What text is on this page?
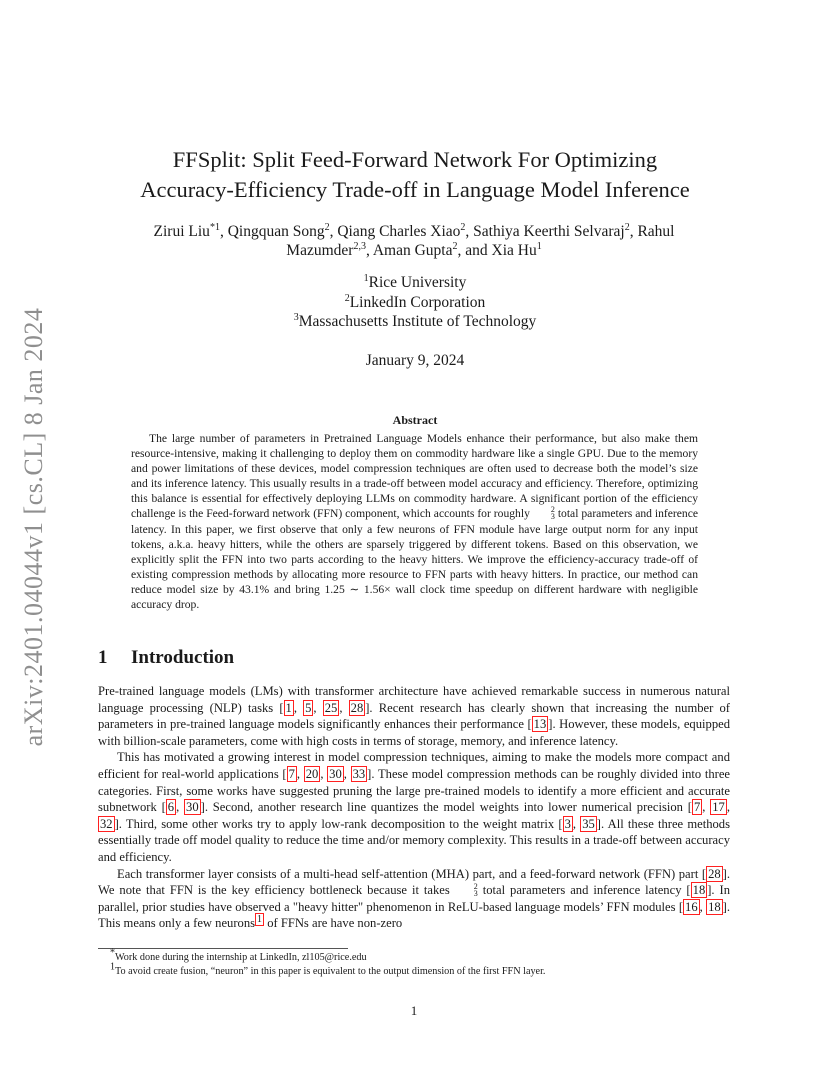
arXiv:2401.04044v1 [cs.CL] 8 Jan 2024
FFSplit: Split Feed-Forward Network For Optimizing
Accuracy-Efficiency Trade-off in Language Model Inference
Zirui Liu$^{*1}$, Qingquan Song$^2$, Qiang Charles Xiao$^2$, Sathiya Keerthi Selvaraj$^2$, Rahul Mazumder$^{2,3}$, Aman Gupta$^2$, and Xia Hu$^1$
$^1$Rice University
$^2$LinkedIn Corporation
$^3$Massachusetts Institute of Technology
January 9, 2024
Abstract

The large number of parameters in Pretrained Language Models enhance their performance, but also make them resource-intensive, making it challenging to deploy them on commodity hardware like a single GPU. Due to the memory and power limitations of these devices, model compression techniques are often used to decrease both the model’s size and its inference latency. This usually results in a trade-off between model accuracy and efficiency. Therefore, optimizing this balance is essential for effectively deploying LLMs on commodity hardware. A significant portion of the efficiency challenge is the Feed-forward network (FFN) component, which accounts for roughly	2
3 total parameters and inference latency. In this paper, we first observe that only a few neurons of FFN module have large output norm for any input tokens, a.k.a. heavy hitters, while the others are sparsely triggered by different tokens. Based on this observation, we explicitly split the FFN into two parts according to the heavy hitters. We improve the efficiency-accuracy trade-off of existing compression methods by allocating more resource to FFN parts with heavy hitters. In practice, our method can reduce model size by 43.1% and bring 1.25 ∼ 1.56× wall clock time speedup on different hardware with negligible accuracy drop.

1 Introduction

Pre-trained language models (LMs) with transformer architecture have achieved remarkable success in numerous natural language processing (NLP) tasks [ 1 , 5 , 25 , 28 ]. Recent research has clearly shown that increasing the number of parameters in pre-trained language models significantly enhances their performance [ 13 ]. However, these models, equipped with billion-scale parameters, come with high costs in terms of storage, memory, and inference latency.

This has motivated a growing interest in model compression techniques, aiming to make the models more compact and efficient for real-world applications [ 7 , 20 , 30 , 33 ]. These model compression methods can be roughly divided into three categories. First, some works have suggested pruning the large pre-trained models to identify a more efficient and accurate subnetwork [ 6 , 30 ]. Second, another research line quantizes the model weights into lower numerical precision [ 7 , 17 , 32 ]. Third, some other works try to apply low-rank decomposition to the weight matrix [ 3 , 35 ]. All these three methods essentially trade off model quality to reduce the time and/or memory complexity. This results in a trade-off between accuracy and efficiency.

Each transformer layer consists of a multi-head self-attention (MHA) part, and a feed-forward network (FFN) part [ 28 ]. We note that FFN is the key efficiency bottleneck because it takes	2
3 total parameters and inference latency [ 18 ]. In parallel, prior studies have observed a "heavy hitter" phenomenon in ReLU-based language models’ FFN modules [ 16 , 18 ]. This means only a few neurons $^1$ of FFNs are have non-zero

*Work done during the internship at LinkedIn, zl105@rice.edu

$^1$To avoid create fusion, “neuron” in this paper is equivalent to the output dimension of the first FFN layer.

1
